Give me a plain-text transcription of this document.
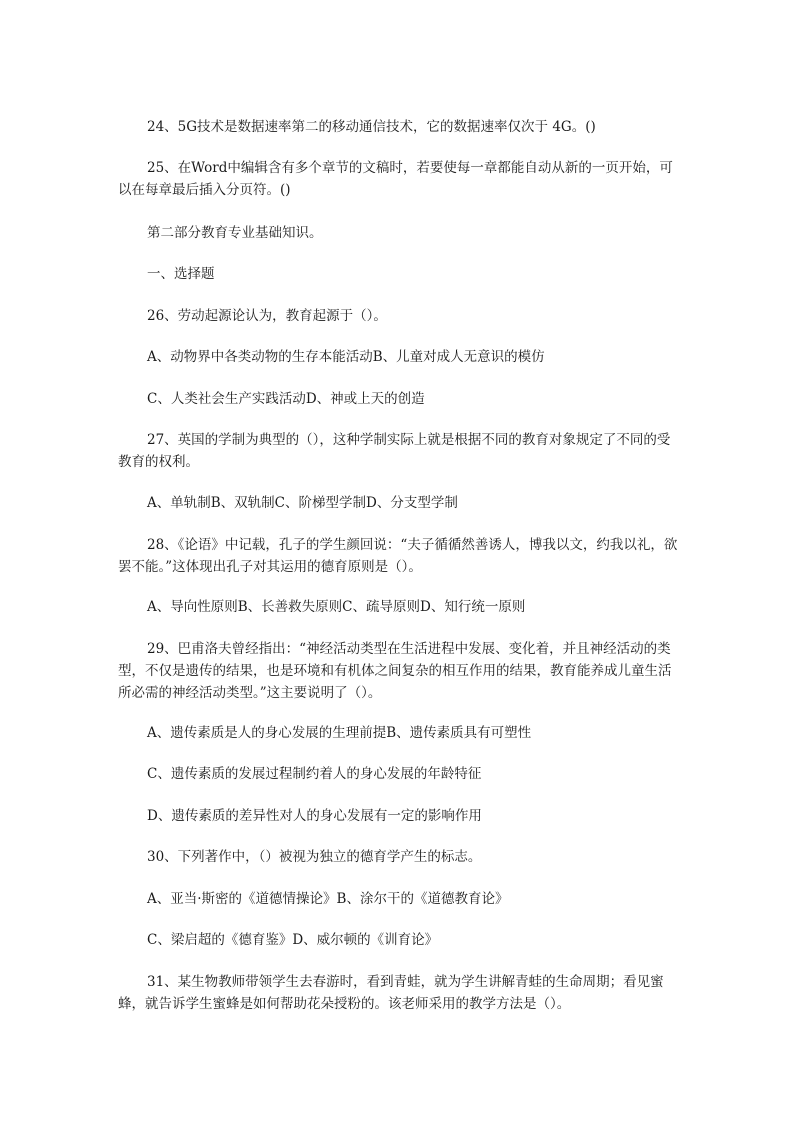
24、5G技术是数据速率第二的移动通信技术，它的数据速率仅次于 4G。()

25、在Word中编辑含有多个章节的文稿时，若要使每一章都能自动从新的一页开始，可以在每章最后插入分页符。()

第二部分教育专业基础知识。

一、选择题

26、劳动起源论认为，教育起源于（）。

A、动物界中各类动物的生存本能活动B、儿童对成人无意识的模仿

C、人类社会生产实践活动D、神或上天的创造

27、英国的学制为典型的（），这种学制实际上就是根据不同的教育对象规定了不同的受教育的权利。

A、单轨制B、双轨制C、阶梯型学制D、分支型学制

28、《论语》中记载，孔子的学生颜回说：“夫子循循然善诱人，博我以文，约我以礼，欲罢不能。”这体现出孔子对其运用的德育原则是（）。

A、导向性原则B、长善救失原则C、疏导原则D、知行统一原则

29、巴甫洛夫曾经指出：“神经活动类型在生活进程中发展、变化着，并且神经活动的类型，不仅是遗传的结果，也是环境和有机体之间复杂的相互作用的结果，教育能养成儿童生活所必需的神经活动类型。”这主要说明了（）。

A、遗传素质是人的身心发展的生理前提B、遗传素质具有可塑性

C、遗传素质的发展过程制约着人的身心发展的年龄特征

D、遗传素质的差异性对人的身心发展有一定的影响作用

30、下列著作中，（）被视为独立的德育学产生的标志。

A、亚当·斯密的《道德情操论》B、涂尔干的《道德教育论》

C、梁启超的《德育鉴》D、威尔顿的《训育论》

31、某生物教师带领学生去春游时，看到青蛙，就为学生讲解青蛙的生命周期；看见蜜蜂，就告诉学生蜜蜂是如何帮助花朵授粉的。该老师采用的教学方法是（）。
